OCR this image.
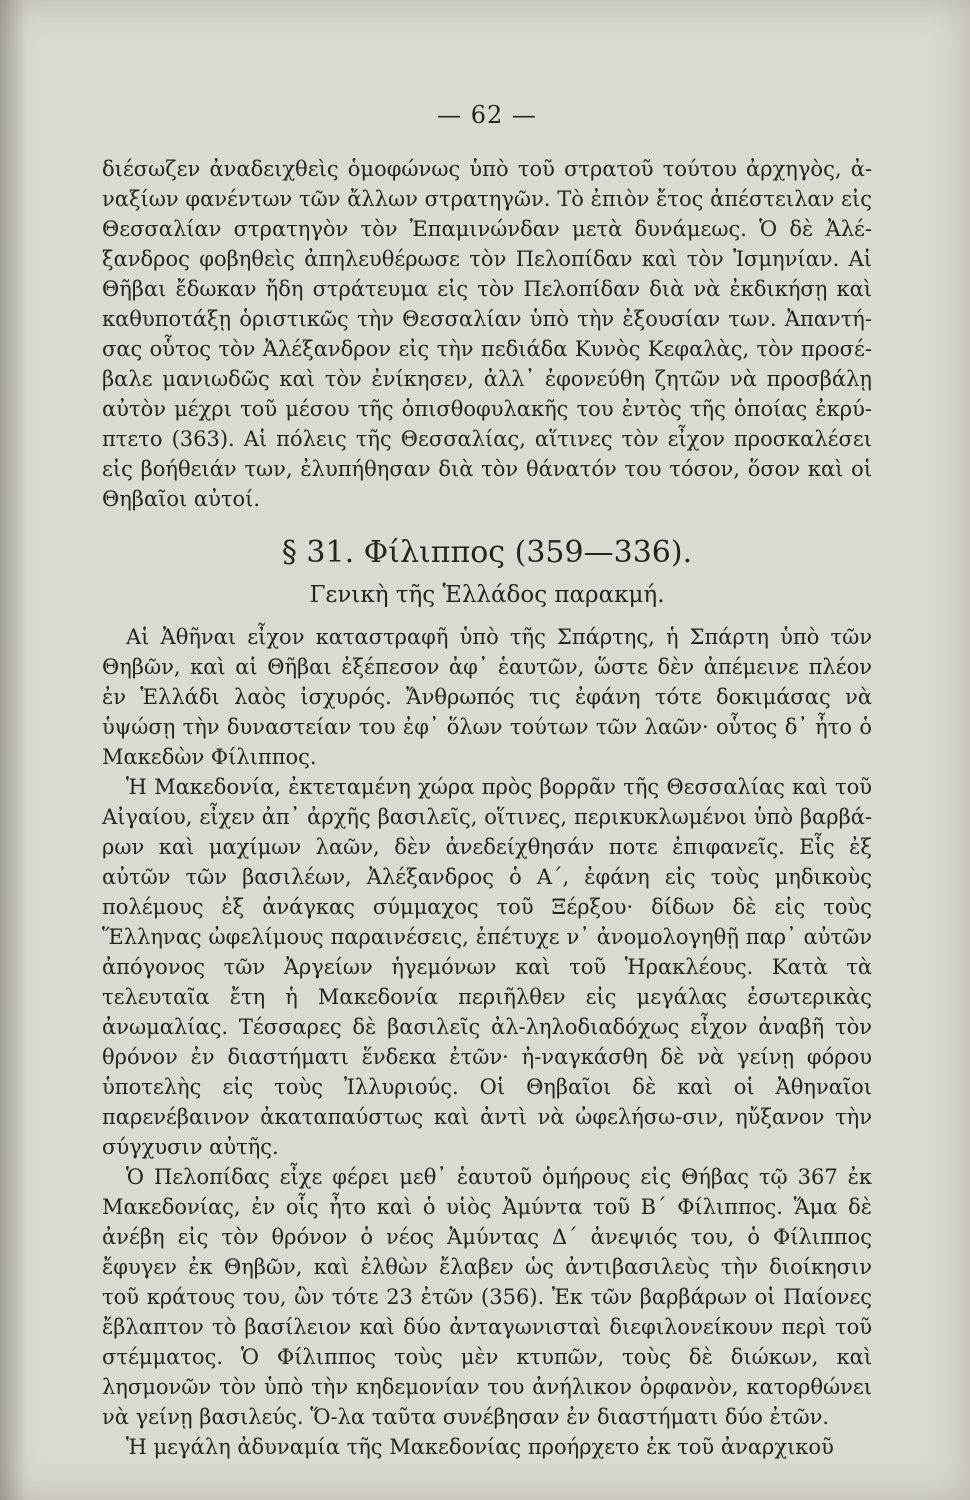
— 62 —

διέσωζεν ἀναδειχθεὶς ὁμοφώνως ὑπὸ τοῦ στρατοῦ τούτου ἀρχηγὸς, ἀ-ναξίων φανέντων τῶν ἄλλων στρατηγῶν. Τὸ ἐπιὸν ἔτος ἀπέστειλαν εἰς Θεσσαλίαν στρατηγὸν τὸν Ἐπαμινώνδαν μετὰ δυνάμεως. Ὁ δὲ Ἀλέ-ξανδρος φοβηθεὶς ἀπηλευθέρωσε τὸν Πελοπίδαν καὶ τὸν Ἰσμηνίαν. Αἱ Θῆβαι ἔδωκαν ἤδη στράτευμα εἰς τὸν Πελοπίδαν διὰ νὰ ἐκδικήσῃ καὶ καθυποτάξῃ ὁριστικῶς τὴν Θεσσαλίαν ὑπὸ τὴν ἐξουσίαν των. Ἀπαντή-σας οὗτος τὸν Ἀλέξανδρον εἰς τὴν πεδιάδα Κυνὸς Κεφαλὰς, τὸν προσέ-βαλε μανιωδῶς καὶ τὸν ἐνίκησεν, ἀλλ᾽ ἐφονεύθη ζητῶν νὰ προσβάλῃ αὐτὸν μέχρι τοῦ μέσου τῆς ὀπισθοφυλακῆς του ἐντὸς τῆς ὁποίας ἐκρύ-πτετο (363). Αἱ πόλεις τῆς Θεσσαλίας, αἵτινες τὸν εἶχον προσκαλέσει εἰς βοήθειάν των, ἐλυπήθησαν διὰ τὸν θάνατόν του τόσον, ὅσον καὶ οἱ Θηβαῖοι αὐτοί.

§ 31. Φίλιππος (359—336).
Γενικὴ τῆς Ἑλλάδος παρακμή.

Αἱ Ἀθῆναι εἶχον καταστραφῆ ὑπὸ τῆς Σπάρτης, ἡ Σπάρτη ὑπὸ τῶν Θηβῶν, καὶ αἱ Θῆβαι ἐξέπεσον ἀφ᾽ ἑαυτῶν, ὥστε δὲν ἀπέμεινε πλέον ἐν Ἑλλάδι λαὸς ἰσχυρός. Ἄνθρωπός τις ἐφάνη τότε δοκιμάσας νὰ ὑψώσῃ τὴν δυναστείαν του ἐφ᾽ ὅλων τούτων τῶν λαῶν· οὗτος δ᾽ ἦτο ὁ Μακεδὼν Φίλιππος.

Ἡ Μακεδονία, ἐκτεταμένη χώρα πρὸς βορρᾶν τῆς Θεσσαλίας καὶ τοῦ Αἰγαίου, εἶχεν ἀπ᾽ ἀρχῆς βασιλεῖς, οἵτινες, περικυκλωμένοι ὑπὸ βαρβά-ρων καὶ μαχίμων λαῶν, δὲν ἀνεδείχθησάν ποτε ἐπιφανεῖς. Εἷς ἐξ αὐτῶν τῶν βασιλέων, Ἀλέξανδρος ὁ Α΄, ἐφάνη εἰς τοὺς μηδικοὺς πολέμους ἐξ ἀνάγκας σύμμαχος τοῦ Ξέρξου· δίδων δὲ εἰς τοὺς Ἕλληνας ὠφελίμους παραινέσεις, ἐπέτυχε ν᾽ ἀνομολογηθῇ παρ᾽ αὐτῶν ἀπόγονος τῶν Ἀργείων ἡγεμόνων καὶ τοῦ Ἡρακλέους. Κατὰ τὰ τελευταῖα ἔτη ἡ Μακεδονία περιῆλθεν εἰς μεγάλας ἐσωτερικὰς ἀνωμαλίας. Τέσσαρες δὲ βασιλεῖς ἀλ-ληλοδιαδόχως εἶχον ἀναβῆ τὸν θρόνον ἐν διαστήματι ἕνδεκα ἐτῶν· ἠ-ναγκάσθη δὲ νὰ γείνῃ φόρου ὑποτελὴς εἰς τοὺς Ἰλλυριούς. Οἱ Θηβαῖοι δὲ καὶ οἱ Ἀθηναῖοι παρενέβαινον ἀκαταπαύστως καὶ ἀντὶ νὰ ὠφελήσω-σιν, ηὔξανον τὴν σύγχυσιν αὐτῆς.

Ὁ Πελοπίδας εἶχε φέρει μεθ᾽ ἑαυτοῦ ὁμήρους εἰς Θήβας τῷ 367 ἐκ Μακεδονίας, ἐν οἷς ἦτο καὶ ὁ υἱὸς Ἀμύντα τοῦ Β΄ Φίλιππος. Ἅμα δὲ ἀνέβη εἰς τὸν θρόνον ὁ νέος Ἀμύντας Δ΄ ἀνεψιός του, ὁ Φίλιππος ἔφυγεν ἐκ Θηβῶν, καὶ ἐλθὼν ἔλαβεν ὡς ἀντιβασιλεὺς τὴν διοίκησιν τοῦ κράτους του, ὢν τότε 23 ἐτῶν (356). Ἐκ τῶν βαρβάρων οἱ Παίονες ἔβλαπτον τὸ βασίλειον καὶ δύο ἀνταγωνισταὶ διεφιλονείκουν περὶ τοῦ στέμματος. Ὁ Φίλιππος τοὺς μὲν κτυπῶν, τοὺς δὲ διώκων, καὶ λησμονῶν τὸν ὑπὸ τὴν κηδεμονίαν του ἀνήλικον ὀρφανὸν, κατορθώνει νὰ γείνῃ βασιλεύς. Ὅ-λα ταῦτα συνέβησαν ἐν διαστήματι δύο ἐτῶν.

Ἡ μεγάλη ἀδυναμία τῆς Μακεδονίας προήρχετο ἐκ τοῦ ἀναρχικοῦ
